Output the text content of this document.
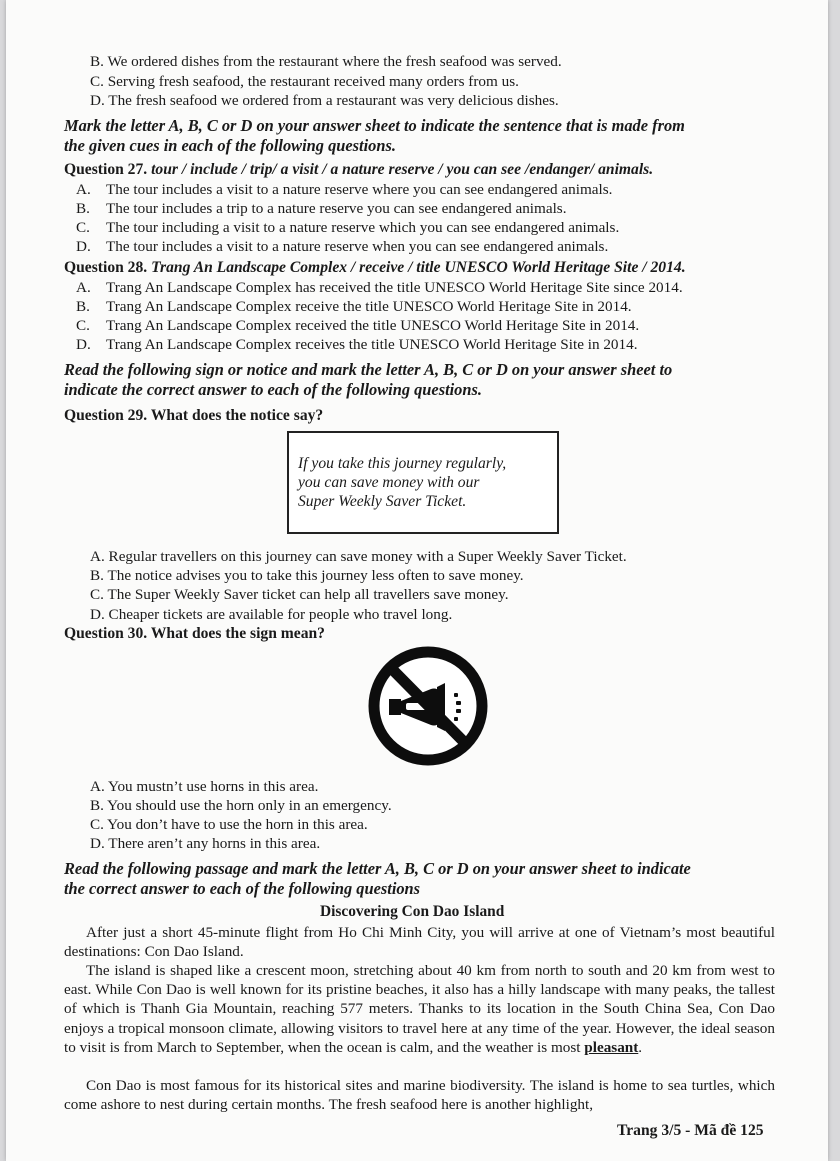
B. We ordered dishes from the restaurant where the fresh seafood was served.
C. Serving fresh seafood, the restaurant received many orders from us.
D. The fresh seafood we ordered from a restaurant was very delicious dishes.
Mark the letter A, B, C or D on your answer sheet to indicate the sentence that is made from
the given cues in each of the following questions.
Question 27. tour / include / trip/ a visit / a nature reserve / you can see /endanger/ animals.
A. The tour includes a visit to a nature reserve where you can see endangered animals.
B. The tour includes a trip to a nature reserve you can see endangered animals.
C. The tour including a visit to a nature reserve which you can see endangered animals.
D. The tour includes a visit to a nature reserve when you can see endangered animals.
Question 28. Trang An Landscape Complex / receive / title UNESCO World Heritage Site / 2014.
A. Trang An Landscape Complex has received the title UNESCO World Heritage Site since 2014.
B. Trang An Landscape Complex receive the title UNESCO World Heritage Site in 2014.
C. Trang An Landscape Complex received the title UNESCO World Heritage Site in 2014.
D. Trang An Landscape Complex receives the title UNESCO World Heritage Site in 2014.
Read the following sign or notice and mark the letter A, B, C or D on your answer sheet to
indicate the correct answer to each of the following questions.
Question 29. What does the notice say?
If you take this journey regularly,
you can save money with our
Super Weekly Saver Ticket.
A. Regular travellers on this journey can save money with a Super Weekly Saver Ticket.
B. The notice advises you to take this journey less often to save money.
C. The Super Weekly Saver ticket can help all travellers save money.
D. Cheaper tickets are available for people who travel long.
Question 30. What does the sign mean?
A. You mustn’t use horns in this area.
B. You should use the horn only in an emergency.
C. You don’t have to use the horn in this area.
D. There aren’t any horns in this area.
Read the following passage and mark the letter A, B, C or D on your answer sheet to indicate
the correct answer to each of the following questions
Discovering Con Dao Island
After just a short 45-minute flight from Ho Chi Minh City, you will arrive at one of Vietnam’s most beautiful destinations: Con Dao Island.
The island is shaped like a crescent moon, stretching about 40 km from north to south and 20 km from west to east. While Con Dao is well known for its pristine beaches, it also has a hilly landscape with many peaks, the tallest of which is Thanh Gia Mountain, reaching 577 meters. Thanks to its location in the South China Sea, Con Dao enjoys a tropical monsoon climate, allowing visitors to travel here at any time of the year. However, the ideal season to visit is from March to September, when the ocean is calm, and the weather is most pleasant.
Con Dao is most famous for its historical sites and marine biodiversity. The island is home to sea turtles, which come ashore to nest during certain months. The fresh seafood here is another highlight,
Trang 3/5 - Mã đề 125
